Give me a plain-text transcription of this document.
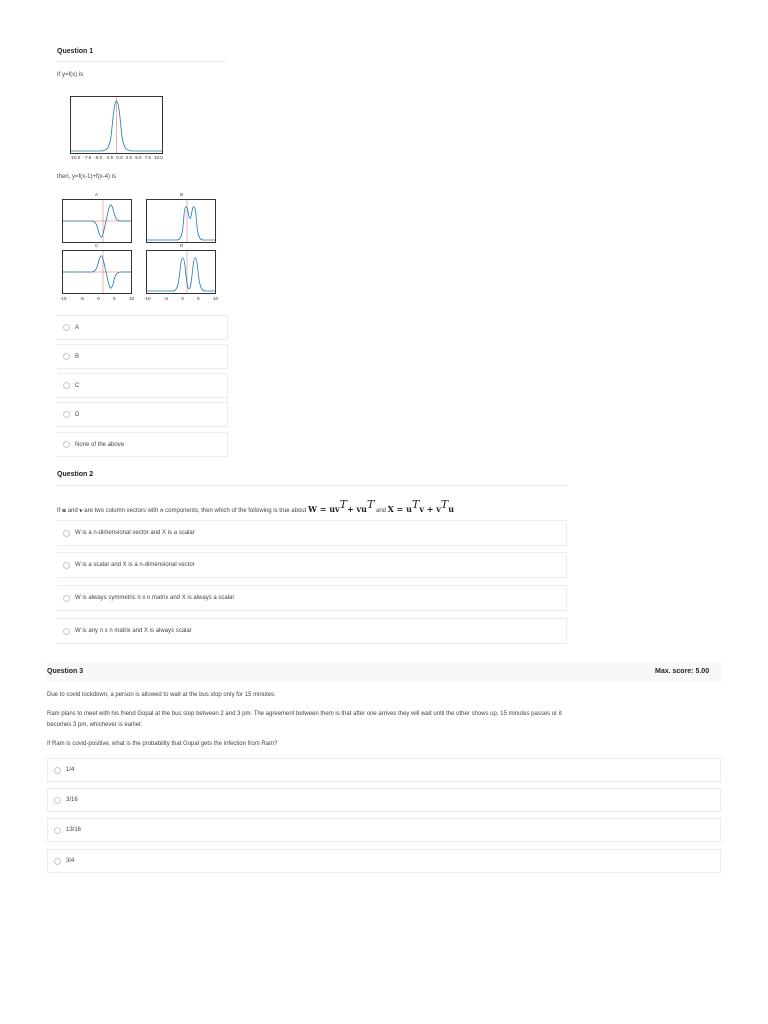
Question 1
If y=f(x) is
-10.0 -7.5 -5.0 -2.5 0.0 2.5 5.0 7.5 10.0
then, y=f(x-1)+f(x-4) is
A	B
C	D
-10	-5	0	5	10 -10	-5	0	5	10
A
B
C
D
None of the above
Question 2
If u and v are two column vectors with n components, then which of the following is true about $W = uv^T+ vu^T$ and $X = u^Tv + v^Tu$
W is a n-dimensional vector and X is a scalar
W is a scalar and X is a n-dimensional vector
W is always symmetric n x n matrix and X is always a scalar
W is any n x n matrix and X is always scalar
Question 3	Max. score: 5.00
Due to covid lockdown, a person is allowed to wait at the bus stop only for 15 minutes.
Ram plans to meet with his friend Gopal at the bus stop between 2 and 3 pm. The agreement between them is that after one arrives they will wait until the other shows up, 15 minutes passes or it
becomes 3 pm, whichever is earlier.
If Ram is covid-positive, what is the probability that Gopal gets the infection from Ram?
1/4
3/16
13/16
3/4
